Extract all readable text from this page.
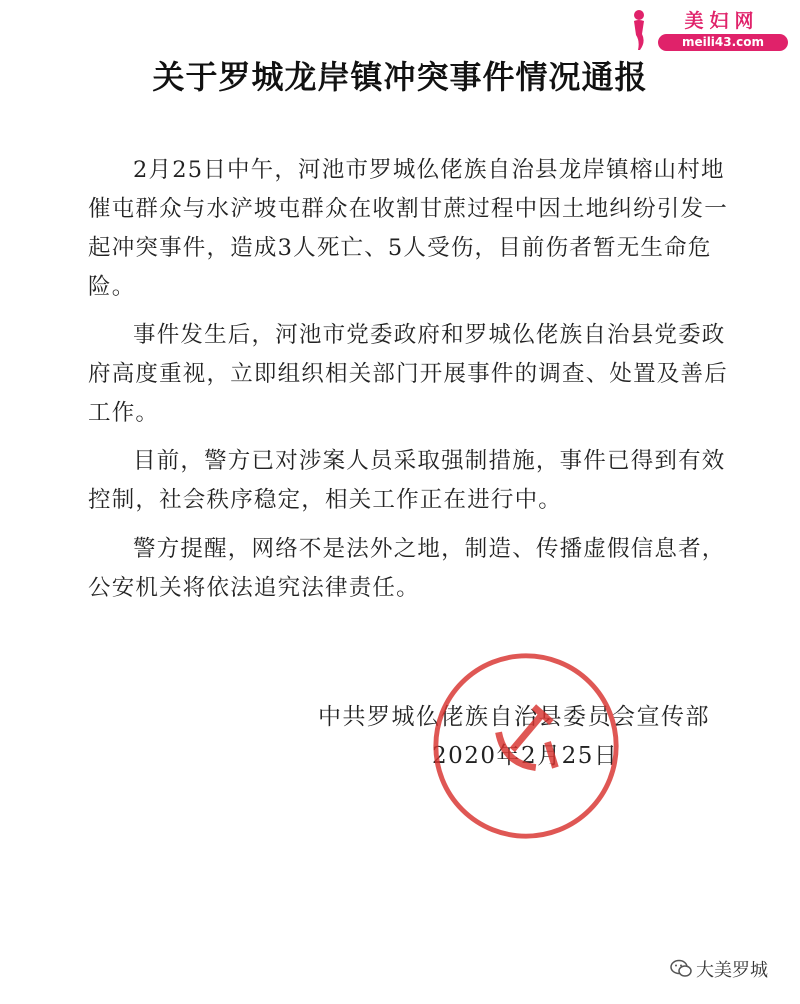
美妇网
meili43.com
关于罗城龙岸镇冲突事件情况通报

2月25日中午，河池市罗城仫佬族自治县龙岸镇榕山村地催屯群众与水浐坡屯群众在收割甘蔗过程中因土地纠纷引发一起冲突事件，造成3人死亡、5人受伤，目前伤者暂无生命危险。

事件发生后，河池市党委政府和罗城仫佬族自治县党委政府高度重视，立即组织相关部门开展事件的调查、处置及善后工作。

目前，警方已对涉案人员采取强制措施，事件已得到有效控制，社会秩序稳定，相关工作正在进行中。

警方提醒，网络不是法外之地，制造、传播虚假信息者，公安机关将依法追究法律责任。

中共罗城仫佬族自治县委员会宣传部
2020年2月25日
大美罗城
